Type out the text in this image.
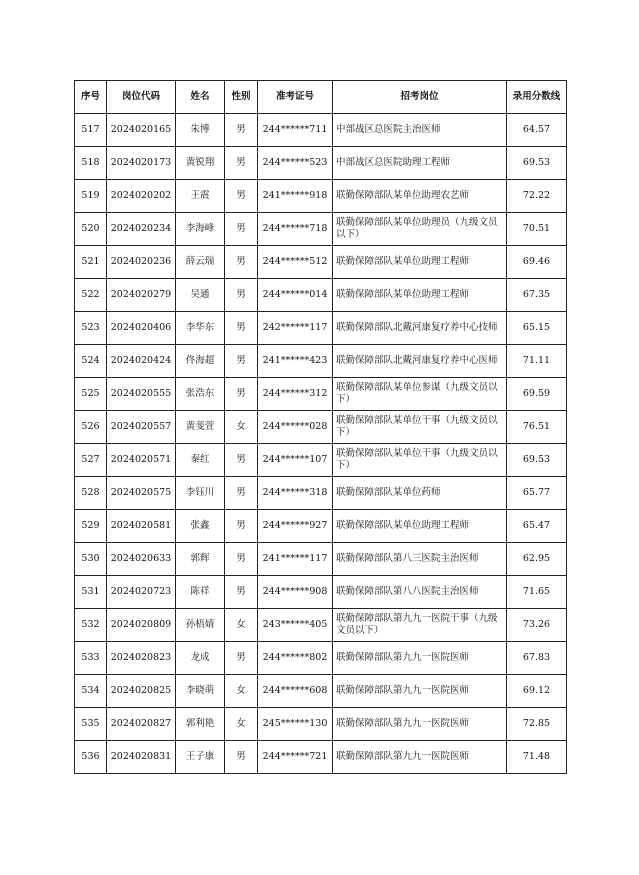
序号	岗位代码	姓名	性别	准考证号	招考岗位	录用分数线
517	2024020165	朱博	男	244******711	中部战区总医院主治医师	64.57
518	2024020173	黄锐翔	男	244******523	中部战区总医院助理工程师	69.53
519	2024020202	王震	男	241******918	联勤保障部队某单位助理农艺师	72.22
520	2024020234	李海峰	男	244******718	联勤保障部队某单位助理员（九级文员以下）	70.51
521	2024020236	薛云瑞	男	244******512	联勤保障部队某单位助理工程师	69.46
522	2024020279	吴通	男	244******014	联勤保障部队某单位助理工程师	67.35
523	2024020406	李华东	男	242******117	联勤保障部队北戴河康复疗养中心技师	65.15
524	2024020424	佟海超	男	241******423	联勤保障部队北戴河康复疗养中心医师	71.11
525	2024020555	张浩东	男	244******312	联勤保障部队某单位参谋（九级文员以下）	69.59
526	2024020557	黄斐萱	女	244******028	联勤保障部队某单位干事（九级文员以下）	76.51
527	2024020571	秦红	男	244******107	联勤保障部队某单位干事（九级文员以下）	69.53
528	2024020575	李钰川	男	244******318	联勤保障部队某单位药师	65.77
529	2024020581	张鑫	男	244******927	联勤保障部队某单位助理工程师	65.47
530	2024020633	郭辉	男	241******117	联勤保障部队第八三医院主治医师	62.95
531	2024020723	陈祥	男	244******908	联勤保障部队第八八医院主治医师	71.65
532	2024020809	孙梧婧	女	243******405	联勤保障部队第九九一医院干事（九级文员以下）	73.26
533	2024020823	龙成	男	244******802	联勤保障部队第九九一医院医师	67.83
534	2024020825	李晓萌	女	244******608	联勤保障部队第九九一医院医师	69.12
535	2024020827	郭利艳	女	245******130	联勤保障部队第九九一医院医师	72.85
536	2024020831	王子康	男	244******721	联勤保障部队第九九一医院医师	71.48
